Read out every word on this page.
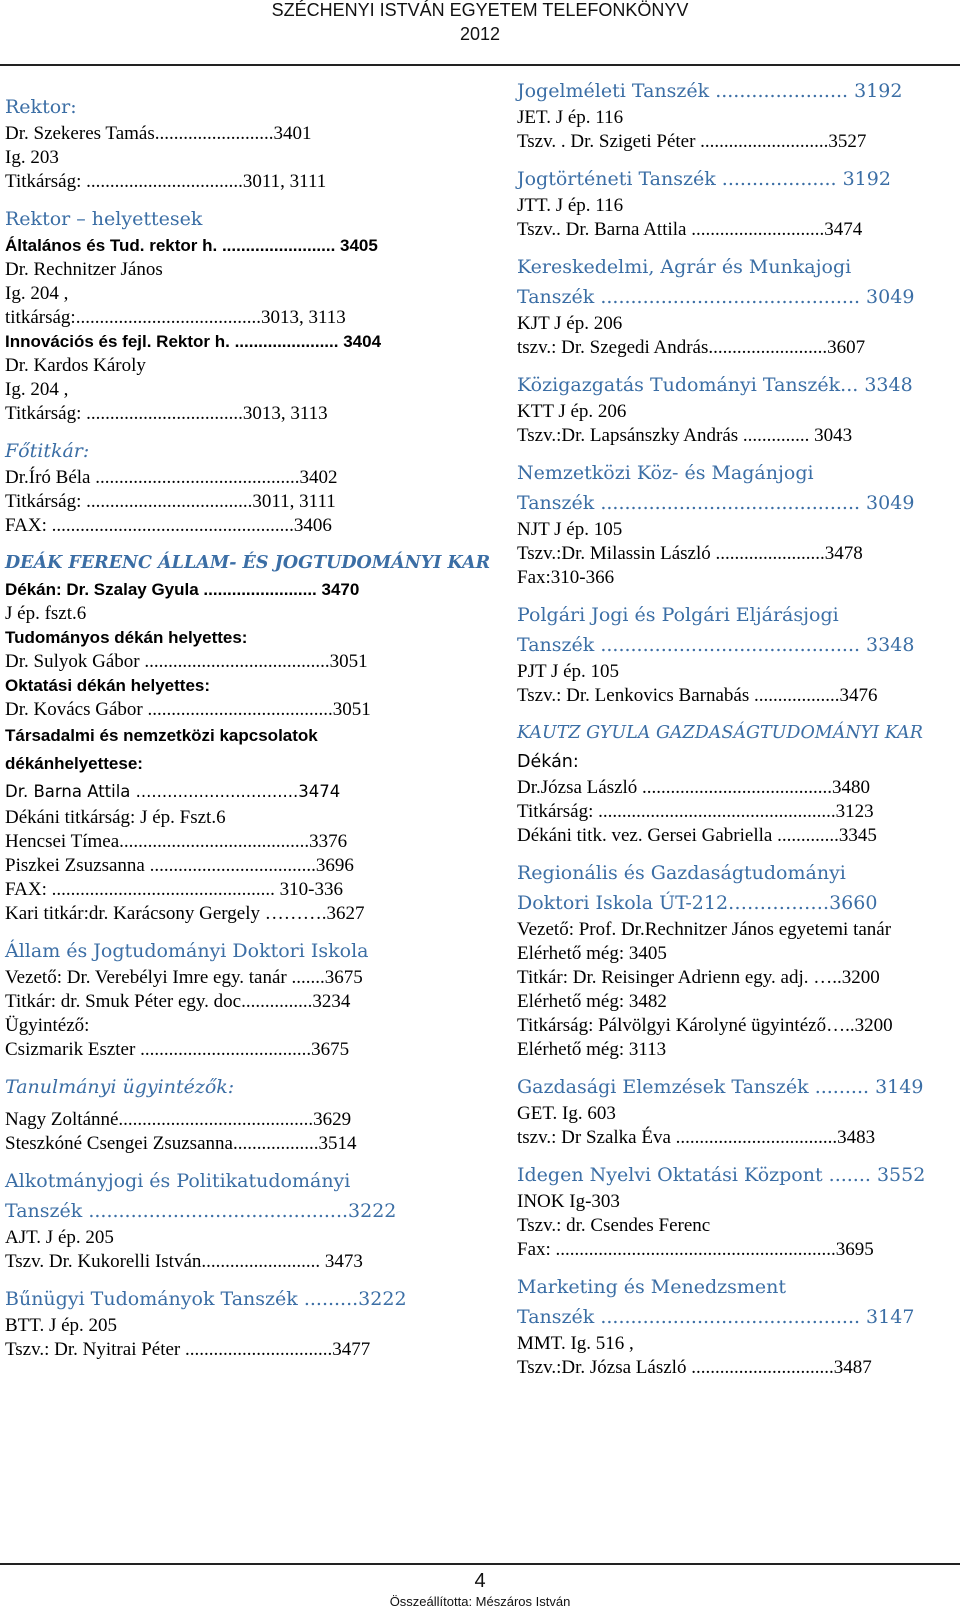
SZÉCHENYI ISTVÁN EGYETEM TELEFONKÖNYV
2012
Rektor:
Dr. Szekeres Tamás.........................3401
Ig. 203
Titkárság: .................................3011, 3111
Rektor – helyettesek
Általános és Tud. rektor h. ........................ 3405
Dr. Rechnitzer János
Ig. 204 ,
titkárság:.......................................3013, 3113
Innovációs és fejl. Rektor h. ...................... 3404
Dr. Kardos Károly
Ig. 204 ,
Titkárság: .................................3013, 3113
Főtitkár:
Dr.Író Béla ...........................................3402
Titkárság: ...................................3011, 3111
FAX: ...................................................3406
DEÁK FERENC ÁLLAM- ÉS JOGTUDOMÁNYI KAR
Dékán: Dr. Szalay Gyula ........................ 3470
J ép. fszt.6
Tudományos dékán helyettes:
Dr. Sulyok Gábor .......................................3051
Oktatási dékán helyettes:
Dr. Kovács Gábor .......................................3051
Társadalmi és nemzetközi kapcsolatok
dékánhelyettese:
Dr. Barna Attila ...............................3474
Dékáni titkárság: J ép. Fszt.6
Hencsei Tímea........................................3376
Piszkei Zsuzsanna ...................................3696
FAX: ............................................... 310-336
Kari titkár:dr. Karácsony Gergely ……….3627
Állam és Jogtudományi Doktori Iskola
Vezető: Dr. Verebélyi Imre egy. tanár .......3675
Titkár: dr. Smuk Péter egy. doc...............3234
Ügyintéző:
Csizmarik Eszter ....................................3675
Tanulmányi ügyintézők:
Nagy Zoltánné.........................................3629
Steszkóné Csengei Zsuzsanna..................3514
Alkotmányjogi és Politikatudományi
Tanszék ...........................................3222
AJT. J ép. 205
Tszv. Dr. Kukorelli István......................... 3473
Bűnügyi Tudományok Tanszék .........3222
BTT. J ép. 205
Tszv.: Dr. Nyitrai Péter ...............................3477
Jogelméleti Tanszék ...................... 3192
JET. J ép. 116
Tszv. . Dr. Szigeti Péter ...........................3527
Jogtörténeti Tanszék ................... 3192
JTT. J ép. 116
Tszv.. Dr. Barna Attila ............................3474
Kereskedelmi, Agrár és Munkajogi
Tanszék ........................................... 3049
KJT J ép. 206
tszv.: Dr. Szegedi András.........................3607
Közigazgatás Tudományi Tanszék... 3348
KTT J ép. 206
Tszv.:Dr. Lapsánszky András .............. 3043
Nemzetközi Köz- és Magánjogi
Tanszék ........................................... 3049
NJT J ép. 105
Tszv.:Dr. Milassin László .......................3478
Fax:310-366
Polgári Jogi és Polgári Eljárásjogi
Tanszék ........................................... 3348
PJT J ép. 105
Tszv.: Dr. Lenkovics Barnabás ..................3476
KAUTZ GYULA GAZDASÁGTUDOMÁNYI KAR
Dékán:
Dr.Józsa László ........................................3480
Titkárság: ..................................................3123
Dékáni titk. vez. Gersei Gabriella .............3345
Regionális és Gazdaságtudományi
Doktori Iskola ÚT-212…………….3660
Vezető: Prof. Dr.Rechnitzer János egyetemi tanár
Elérhető még: 3405
Titkár: Dr. Reisinger Adrienn egy. adj. …..3200
Elérhető még: 3482
Titkárság: Pálvölgyi Károlyné ügyintéző…..3200
Elérhető még: 3113
Gazdasági Elemzések Tanszék ......... 3149
GET. Ig. 603
tszv.: Dr Szalka Éva ..................................3483
Idegen Nyelvi Oktatási Központ ....... 3552
INOK Ig-303
Tszv.: dr. Csendes Ferenc
Fax: ...........................................................3695
Marketing és Menedzsment
Tanszék ........................................... 3147
MMT. Ig. 516 ,
Tszv.:Dr. Józsa László ..............................3487
4
Összeállította: Mészáros István
